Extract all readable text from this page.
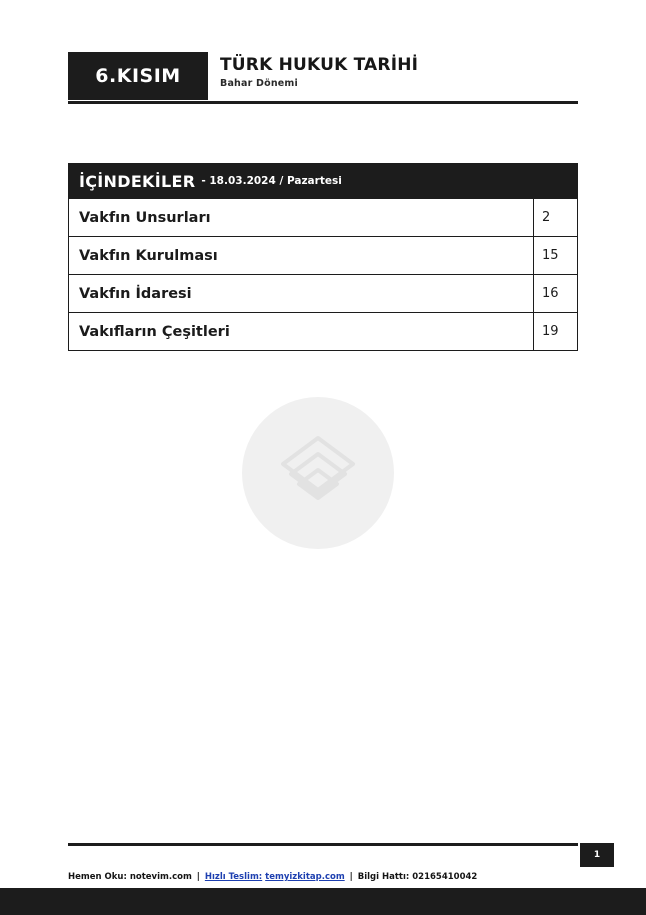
6.KISIM	TÜRK HUKUK TARİHİ
Bahar Dönemi
İÇİNDEKİLER - 18.03.2024 / Pazartesi
Vakfın Unsurları	2
Vakfın Kurulması	15
Vakfın İdaresi	16
Vakıfların Çeşitleri	19
1
Hemen Oku: notevim.com | Hızlı Teslim: temyizkitap.com | Bilgi Hattı: 02165410042
